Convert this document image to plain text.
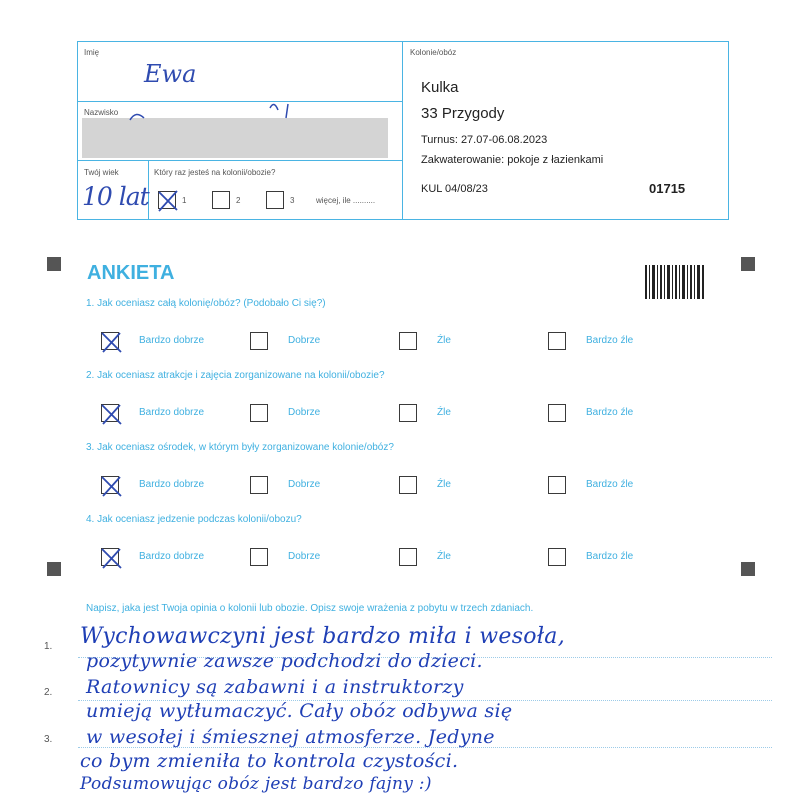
Imię
Ewa
Nazwisko
Twój wiek
10 lat
Który raz jesteś na kolonii/obozie?
1	2	3	więcej, ile ..........
Kolonie/obóz
Kulka
33 Przygody
Turnus: 27.07-06.08.2023
Zakwaterowanie: pokoje z łazienkami
KUL 04/08/23	01715
ANKIETA
1. Jak oceniasz całą kolonię/obóz? (Podobało Ci się?)
Bardzo dobrze	Dobrze	Źle	Bardzo źle
2. Jak oceniasz atrakcje i zajęcia zorganizowane na kolonii/obozie?
Bardzo dobrze	Dobrze	Źle	Bardzo źle
3. Jak oceniasz ośrodek, w którym były zorganizowane kolonie/obóz?
Bardzo dobrze	Dobrze	Źle	Bardzo źle
4. Jak oceniasz jedzenie podczas kolonii/obozu?
Bardzo dobrze	Dobrze	Źle	Bardzo źle
Napisz, jaka jest Twoja opinia o kolonii lub obozie. Opisz swoje wrażenia z pobytu w trzech zdaniach.
1.
2.
3.
Wychowawczyni jest bardzo miła i wesoła,
pozytywnie zawsze podchodzi do dzieci.
Ratownicy są zabawni i a instruktorzy
umieją wytłumaczyć. Cały obóz odbywa się
w wesołej i śmiesznej atmosferze. Jedyne
co bym zmieniła to kontrola czystości.
Podsumowując obóz jest bardzo fajny :)
